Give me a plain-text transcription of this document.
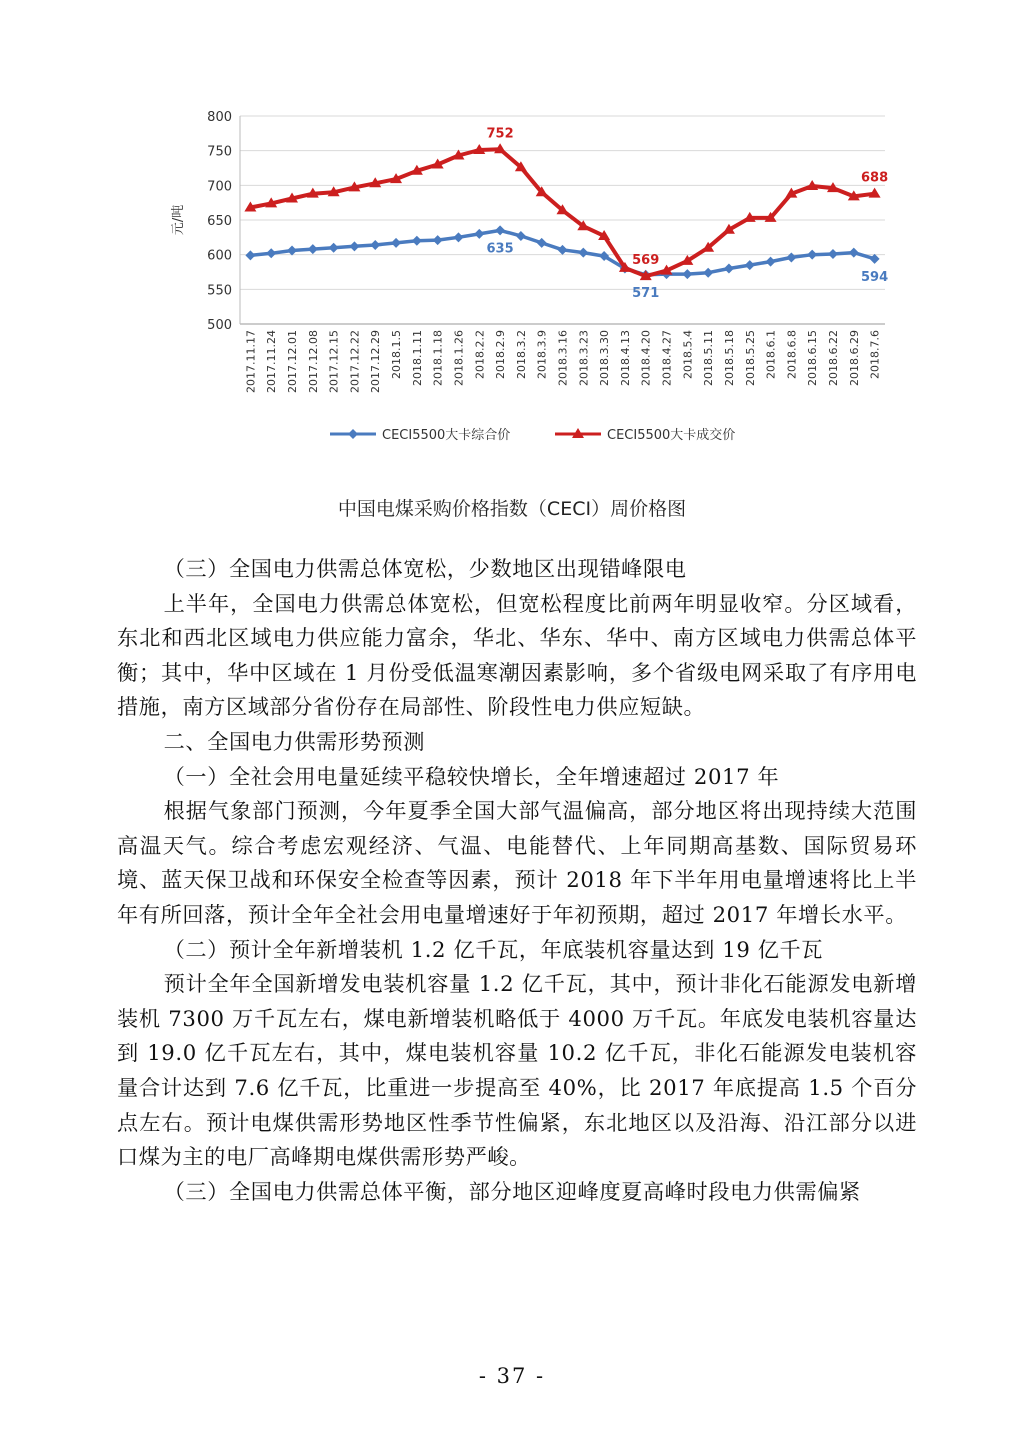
500
550
600
650
700
750
800
元/吨
2017.11.17 2017.11.24 2017.12.01 2017.12.08 2017.12.15 2017.12.22 2017.12.29 2018.1.5 2018.1.11 2018.1.18 2018.1.26 2018.2.2 2018.2.9 2018.3.2 2018.3.9 2018.3.16 2018.3.23 2018.3.30 2018.4.13 2018.4.20 2018.4.27 2018.5.4 2018.5.11 2018.5.18 2018.5.25 2018.6.1 2018.6.8 2018.6.15 2018.6.22 2018.6.29 2018.7.6
752
569
688
635
571
594
CECI5500大卡综合价	CECI5500大卡成交价
中国电煤采购价格指数（CECI）周价格图

（三）全国电力供需总体宽松，少数地区出现错峰限电

上半年，全国电力供需总体宽松，但宽松程度比前两年明显收窄。分区域看，东北和西北区域电力供应能力富余，华北、华东、华中、南方区域电力供需总体平衡；其中，华中区域在 1 月份受低温寒潮因素影响，多个省级电网采取了有序用电措施，南方区域部分省份存在局部性、阶段性电力供应短缺。

二、全国电力供需形势预测

（一）全社会用电量延续平稳较快增长，全年增速超过 2017 年

根据气象部门预测，今年夏季全国大部气温偏高，部分地区将出现持续大范围高温天气。综合考虑宏观经济、气温、电能替代、上年同期高基数、国际贸易环境、蓝天保卫战和环保安全检查等因素，预计 2018 年下半年用电量增速将比上半年有所回落，预计全年全社会用电量增速好于年初预期，超过 2017 年增长水平。

（二）预计全年新增装机 1.2 亿千瓦，年底装机容量达到 19 亿千瓦

预计全年全国新增发电装机容量 1.2 亿千瓦，其中，预计非化石能源发电新增装机 7300 万千瓦左右，煤电新增装机略低于 4000 万千瓦。年底发电装机容量达到 19.0 亿千瓦左右，其中，煤电装机容量 10.2 亿千瓦，非化石能源发电装机容量合计达到 7.6 亿千瓦，比重进一步提高至 40%，比 2017 年底提高 1.5 个百分点左右。预计电煤供需形势地区性季节性偏紧，东北地区以及沿海、沿江部分以进口煤为主的电厂高峰期电煤供需形势严峻。

（三）全国电力供需总体平衡，部分地区迎峰度夏高峰时段电力供需偏紧

- 37 -
